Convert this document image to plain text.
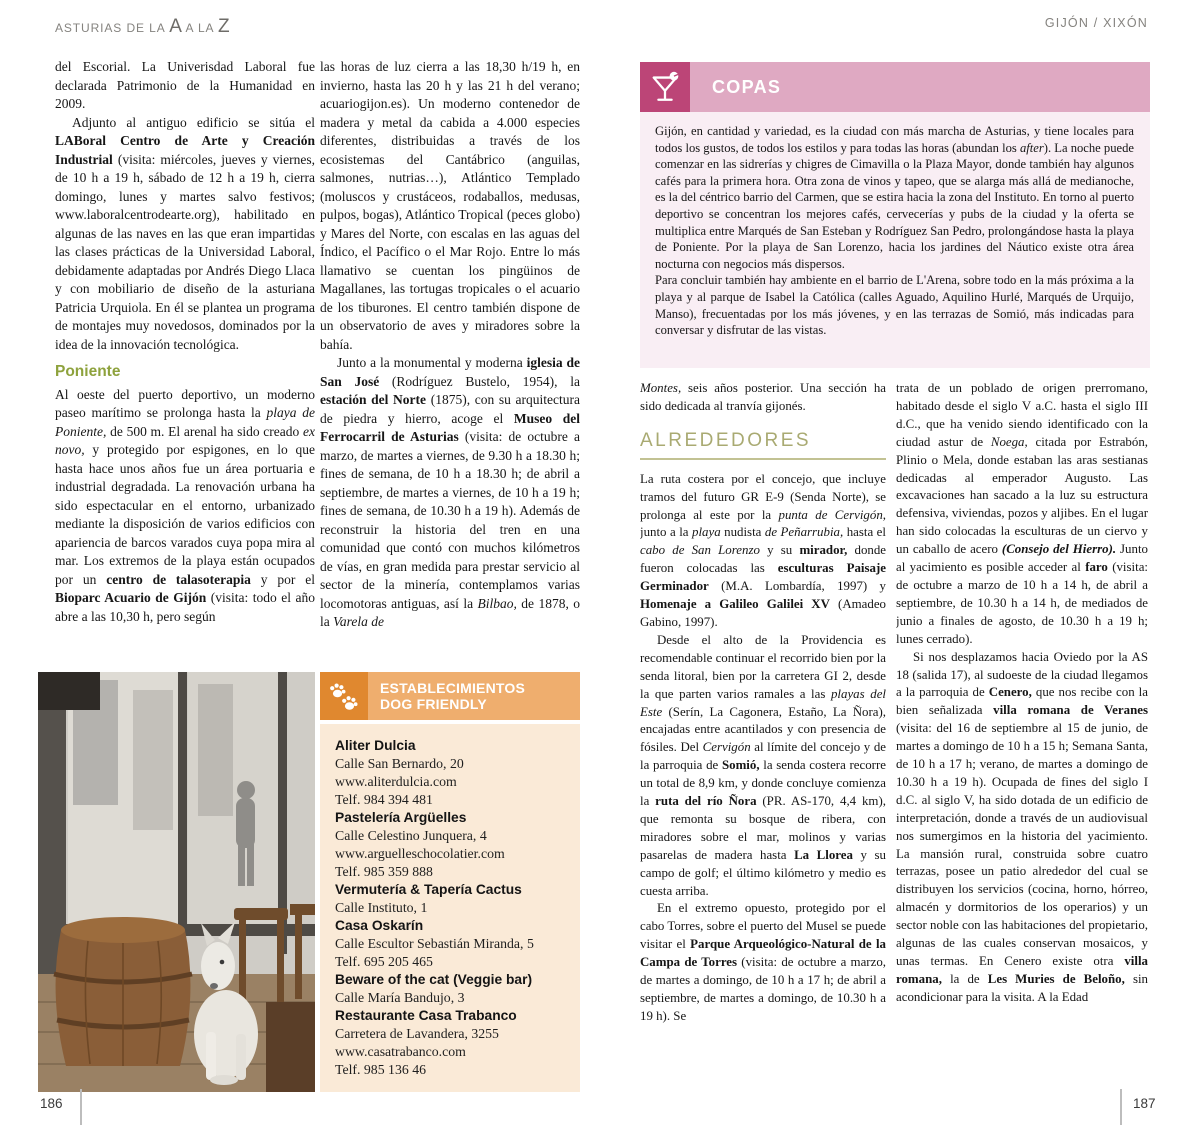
ASTURIAS DE LA A A LA Z	GIJÓN / XIXÓN

del Escorial. La Univerisdad Laboral fue declarada Patrimonio de la Humanidad en 2009.

Adjunto al antiguo edificio se sitúa el LABoral Centro de Arte y Creación Industrial (visita: miércoles, jueves y viernes, de 10 h a 19 h, sábado de 12 h a 19 h, cierra domingo, lunes y martes salvo festivos; www.laboralcentrodearte.org), habilitado en algunas de las naves en las que eran impartidas las clases prácticas de la Universidad Laboral, debidamente adaptadas por Andrés Diego Llaca y con mobiliario de diseño de la asturiana Patricia Urquiola. En él se plantea un programa de montajes muy novedosos, dominados por la idea de la innovación tecnológica.

Poniente

Al oeste del puerto deportivo, un moderno paseo marítimo se prolonga hasta la playa de Poniente, de 500 m. El arenal ha sido creado ex novo, y protegido por espigones, en lo que hasta hace unos años fue un área portuaria e industrial degradada. La renovación urbana ha sido espectacular en el entorno, urbanizado mediante la disposición de varios edificios con apariencia de barcos varados cuya popa mira al mar. Los extremos de la playa están ocupados por un centro de talasoterapia y por el Bioparc Acuario de Gijón (visita: todo el año abre a las 10,30 h, pero según

las horas de luz cierra a las 18,30 h/19 h, en invierno, hasta las 20 h y las 21 h del verano; acuariogijon.es). Un moderno contenedor de madera y metal da cabida a 4.000 especies diferentes, distribuidas a través de los ecosistemas del Cantábrico (anguilas, salmones, nutrias…), Atlántico Templado (moluscos y crustáceos, rodaballos, medusas, pulpos, bogas), Atlántico Tropical (peces globo) y Mares del Norte, con escalas en las aguas del Índico, el Pacífico o el Mar Rojo. Entre lo más llamativo se cuentan los pingüinos de Magallanes, las tortugas tropicales o el acuario de los tiburones. El centro también dispone de un observatorio de aves y miradores sobre la bahía.

Junto a la monumental y moderna iglesia de San José (Rodríguez Bustelo, 1954), la estación del Norte (1875), con su arquitectura de piedra y hierro, acoge el Museo del Ferrocarril de Asturias (visita: de octubre a marzo, de martes a viernes, de 9.30 h a 18.30 h; fines de semana, de 10 h a 18.30 h; de abril a septiembre, de martes a viernes, de 10 h a 19 h; fines de semana, de 10.30 h a 19 h). Además de reconstruir la historia del tren en una comunidad que contó con muchos kilómetros de vías, en gran medida para prestar servicio al sector de la minería, contemplamos varias locomotoras antiguas, así la Bilbao, de 1878, o la Varela de

COPAS

Gijón, en cantidad y variedad, es la ciudad con más marcha de Asturias, y tiene locales para todos los gustos, de todos los estilos y para todas las horas (abundan los after). La noche puede comenzar en las sidrerías y chigres de Cimavilla o la Plaza Mayor, donde también hay algunos cafés para la primera hora. Otra zona de vinos y tapeo, que se alarga más allá de medianoche, es la del céntrico barrio del Carmen, que se estira hacia la zona del Instituto. En torno al puerto deportivo se concentran los mejores cafés, cervecerías y pubs de la ciudad y la oferta se multiplica entre Marqués de San Esteban y Rodríguez San Pedro, prolongándose hasta la playa de Poniente. Por la playa de San Lorenzo, hacia los jardines del Náutico existe otra área nocturna con negocios más dispersos.

Para concluir también hay ambiente en el barrio de L'Arena, sobre todo en la más próxima a la playa y al parque de Isabel la Católica (calles Aguado, Aquilino Hurlé, Marqués de Urquijo, Manso), frecuentadas por los más jóvenes, y en las terrazas de Somió, más indicadas para conversar y disfrutar de las vistas.

Montes, seis años posterior. Una sección ha sido dedicada al tranvía gijonés.

ALREDEDORES

La ruta costera por el concejo, que incluye tramos del futuro GR E-9 (Senda Norte), se prolonga al este por la punta de Cervigón, junto a la playa nudista de Peñarrubia, hasta el cabo de San Lorenzo y su mirador, donde fueron colocadas las esculturas Paisaje Germinador (M.A. Lombardía, 1997) y Homenaje a Galileo Galilei XV (Amadeo Gabino, 1997).

Desde el alto de la Providencia es recomendable continuar el recorrido bien por la senda litoral, bien por la carretera GI 2, desde la que parten varios ramales a las playas del Este (Serín, La Cagonera, Estaño, La Ñora), encajadas entre acantilados y con presencia de fósiles. Del Cervigón al límite del concejo y de la parroquia de Somió, la senda costera recorre un total de 8,9 km, y donde concluye comienza la ruta del río Ñora (PR. AS-170, 4,4 km), que remonta su bosque de ribera, con miradores sobre el mar, molinos y varias pasarelas de madera hasta La Llorea y su campo de golf; el último kilómetro y medio es cuesta arriba.

En el extremo opuesto, protegido por el cabo Torres, sobre el puerto del Musel se puede visitar el Parque Arqueológico-Natural de la Campa de Torres (visita: de octubre a marzo, de martes a domingo, de 10 h a 17 h; de abril a septiembre, de martes a domingo, de 10.30 h a 19 h). Se

trata de un poblado de origen prerromano, habitado desde el siglo V a.C. hasta el siglo III d.C., que ha venido siendo identificado con la ciudad astur de Noega, citada por Estrabón, Plinio o Mela, donde estaban las aras sestianas dedicadas al emperador Augusto. Las excavaciones han sacado a la luz su estructura defensiva, viviendas, pozos y aljibes. En el lugar han sido colocadas la esculturas de un ciervo y un caballo de acero (Consejo del Hierro). Junto al yacimiento es posible acceder al faro (visita: de octubre a marzo de 10 h a 14 h, de abril a septiembre, de 10.30 h a 14 h, de mediados de junio a finales de agosto, de 10.30 h a 19 h; lunes cerrado).

Si nos desplazamos hacia Oviedo por la AS 18 (salida 17), al sudoeste de la ciudad llegamos a la parroquia de Cenero, que nos recibe con la bien señalizada villa romana de Veranes (visita: del 16 de septiembre al 15 de junio, de martes a domingo de 10 h a 15 h; Semana Santa, de 10 h a 17 h; verano, de martes a domingo de 10.30 h a 19 h). Ocupada de fines del siglo I d.C. al siglo V, ha sido dotada de un edificio de interpretación, donde a través de un audiovisual nos sumergimos en la historia del yacimiento. La mansión rural, construida sobre cuatro terrazas, posee un patio alrededor del cual se distribuyen los servicios (cocina, horno, hórreo, almacén y dormitorios de los operarios) y un sector noble con las habitaciones del propietario, algunas de las cuales conservan mosaicos, y unas termas. En Cenero existe otra villa romana, la de Les Muries de Beloño, sin acondicionar para la visita. A la Edad

ESTABLECIMIENTOS
DOG FRIENDLY
Aliter Dulcia
Calle San Bernardo, 20
www.aliterdulcia.com
Telf. 984 394 481
Pastelería Argüelles
Calle Celestino Junquera, 4
www.arguelleschocolatier.com
Telf. 985 359 888
Vermutería & Tapería Cactus
Calle Instituto, 1
Casa Oskarín
Calle Escultor Sebastián Miranda, 5
Telf. 695 205 465
Beware of the cat (Veggie bar)
Calle María Bandujo, 3
Restaurante Casa Trabanco
Carretera de Lavandera, 3255
www.casatrabanco.com
Telf. 985 136 46
186	187
